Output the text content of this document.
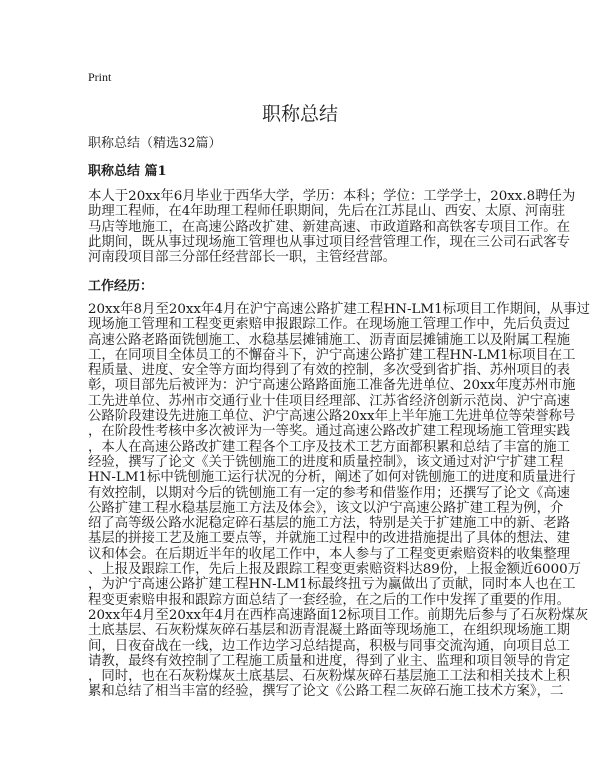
Print
职称总结
职称总结（精选32篇）
职称总结 篇1
本人于20xx年6月毕业于西华大学，学历：本科；学位：工学学士，20xx.8聘任为
助理工程师，在4年助理工程师任职期间，先后在江苏昆山、西安、太原、河南驻
马店等地施工，在高速公路改扩建、新建高速、市政道路和高铁客专项目工作。在
此期间，既从事过现场施工管理也从事过项目经营管理工作，现在三公司石武客专
河南段项目部三分部任经营部长一职，主管经营部。
工作经历：
20xx年8月至20xx年4月在沪宁高速公路扩建工程HN-LM1标项目工作期间，从事过
现场施工管理和工程变更索赔申报跟踪工作。在现场施工管理工作中，先后负责过
高速公路老路面铣刨施工、水稳基层摊铺施工、沥青面层摊铺施工以及附属工程施
工，在同项目全体员工的不懈奋斗下，沪宁高速公路扩建工程HN-LM1标项目在工
程质量、进度、安全等方面均得到了有效的控制，多次受到省扩指、苏州项目的表
彰，项目部先后被评为：沪宁高速公路路面施工准备先进单位、20xx年度苏州市施
工先进单位、苏州市交通行业十佳项目经理部、江苏省经济创新示范岗、沪宁高速
公路阶段建设先进施工单位、沪宁高速公路20xx年上半年施工先进单位等荣誉称号
，在阶段性考核中多次被评为一等奖。通过高速公路改扩建工程现场施工管理实践
，本人在高速公路改扩建工程各个工序及技术工艺方面都积累和总结了丰富的施工
经验，撰写了论文《关于铣刨施工的进度和质量控制》，该文通过对沪宁扩建工程
HN-LM1标中铣刨施工运行状况的分析，阐述了如何对铣刨施工的进度和质量进行
有效控制，以期对今后的铣刨施工有一定的参考和借鉴作用；还撰写了论文《高速
公路扩建工程水稳基层施工方法及体会》，该文以沪宁高速公路扩建工程为例，介
绍了高等级公路水泥稳定碎石基层的施工方法，特别是关于扩建施工中的新、老路
基层的拼接工艺及施工要点等，并就施工过程中的改进措施提出了具体的想法、建
议和体会。在后期近半年的收尾工作中，本人参与了工程变更索赔资料的收集整理
、上报及跟踪工作，先后上报及跟踪工程变更索赔资料达89份，上报金额近6000万
，为沪宁高速公路扩建工程HN-LM1标最终扭亏为赢做出了贡献，同时本人也在工
程变更索赔申报和跟踪方面总结了一套经验，在之后的工作中发挥了重要的作用。
20xx年4月至20xx年4月在西柞高速路面12标项目工作。前期先后参与了石灰粉煤灰
土底基层、石灰粉煤灰碎石基层和沥青混凝土路面等现场施工，在组织现场施工期
间，日夜奋战在一线，边工作边学习总结提高，积极与同事交流沟通，向项目总工
请教，最终有效控制了工程施工质量和进度，得到了业主、监理和项目领导的肯定
，同时，也在石灰粉煤灰土底基层、石灰粉煤灰碎石基层施工工法和相关技术上积
累和总结了相当丰富的经验，撰写了论文《公路工程二灰碎石施工技术方案》，二
